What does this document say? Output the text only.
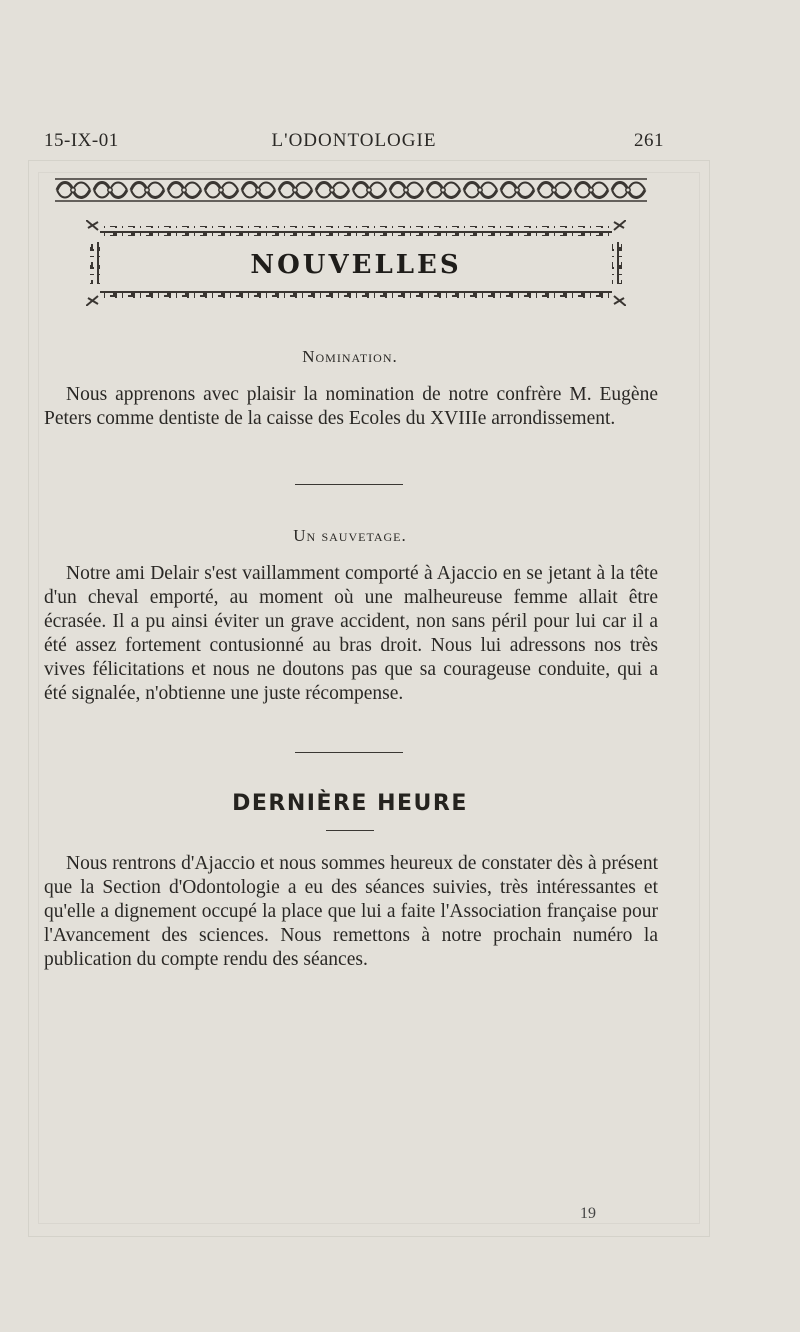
15-IX-01	L'ODONTOLOGIE	261
NOUVELLES
Nomination.

Nous apprenons avec plaisir la nomination de notre confrère M. Eugène Peters comme dentiste de la caisse des Ecoles du XVIIIe arrondissement.

Un sauvetage.

Notre ami Delair s'est vaillamment comporté à Ajaccio en se jetant à la tête d'un cheval emporté, au moment où une malheureuse femme allait être écrasée. Il a pu ainsi éviter un grave accident, non sans péril pour lui car il a été assez fortement contusionné au bras droit. Nous lui adressons nos très vives félicitations et nous ne doutons pas que sa courageuse conduite, qui a été signalée, n'obtienne une juste récompense.

DERNIÈRE HEURE

Nous rentrons d'Ajaccio et nous sommes heureux de constater dès à présent que la Section d'Odontologie a eu des séances suivies, très intéressantes et qu'elle a dignement occupé la place que lui a faite l'Association française pour l'Avancement des sciences. Nous remettons à notre prochain numéro la publication du compte rendu des séances.

19
